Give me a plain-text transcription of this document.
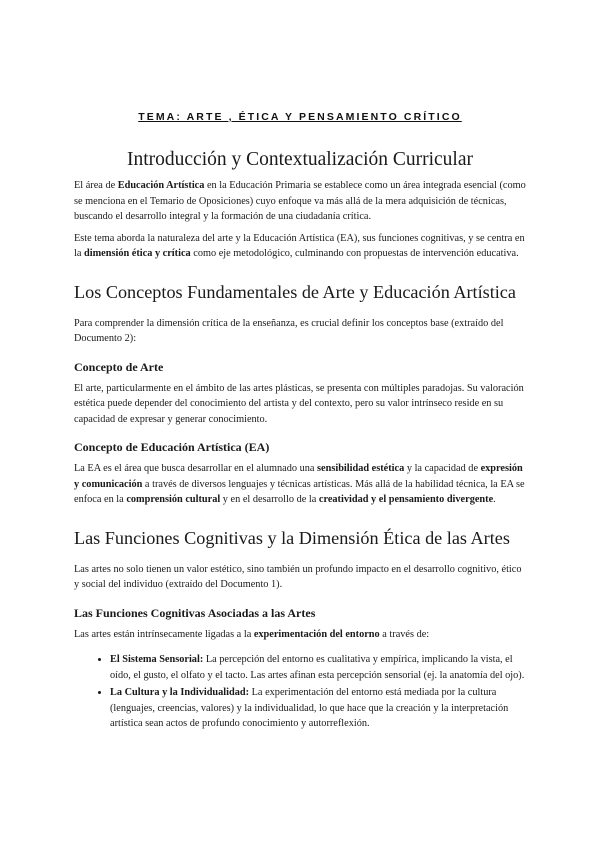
TEMA: ARTE , ÉTICA Y PENSAMIENTO CRÍTICO
Introducción y Contextualización Curricular

El área de Educación Artística en la Educación Primaria se establece como un área integrada esencial (como se menciona en el Temario de Oposiciones) cuyo enfoque va más allá de la mera adquisición de técnicas, buscando el desarrollo integral y la formación de una ciudadanía crítica.

Este tema aborda la naturaleza del arte y la Educación Artística (EA), sus funciones cognitivas, y se centra en la dimensión ética y crítica como eje metodológico, culminando con propuestas de intervención educativa.

Los Conceptos Fundamentales de Arte y Educación Artística

Para comprender la dimensión crítica de la enseñanza, es crucial definir los conceptos base (extraído del Documento 2):

Concepto de Arte

El arte, particularmente en el ámbito de las artes plásticas, se presenta con múltiples paradojas. Su valoración estética puede depender del conocimiento del artista y del contexto, pero su valor intrínseco reside en su capacidad de expresar y generar conocimiento.

Concepto de Educación Artística (EA)

La EA es el área que busca desarrollar en el alumnado una sensibilidad estética y la capacidad de expresión y comunicación a través de diversos lenguajes y técnicas artísticas. Más allá de la habilidad técnica, la EA se enfoca en la comprensión cultural y en el desarrollo de la creatividad y el pensamiento divergente.

Las Funciones Cognitivas y la Dimensión Ética de las Artes

Las artes no solo tienen un valor estético, sino también un profundo impacto en el desarrollo cognitivo, ético y social del individuo (extraído del Documento 1).

Las Funciones Cognitivas Asociadas a las Artes

Las artes están intrínsecamente ligadas a la experimentación del entorno a través de:

• El Sistema Sensorial: La percepción del entorno es cualitativa y empírica, implicando la vista, el oído, el gusto, el olfato y el tacto. Las artes afinan esta percepción sensorial (ej. la anatomía del ojo).
• La Cultura y la Individualidad: La experimentación del entorno está mediada por la cultura (lenguajes, creencias, valores) y la individualidad, lo que hace que la creación y la interpretación artística sean actos de profundo conocimiento y autorreflexión.
